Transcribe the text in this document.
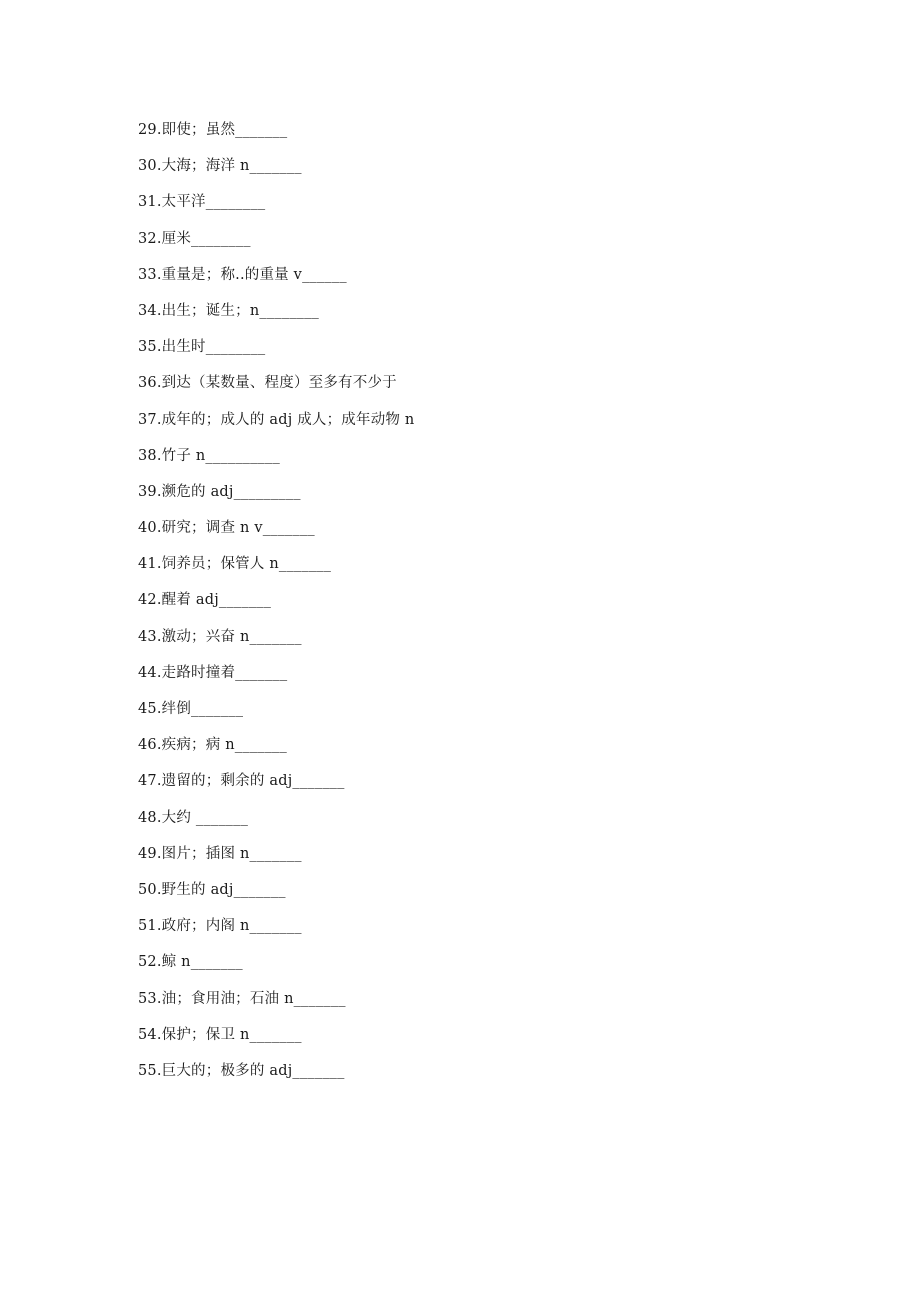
29.即使；虽然_______
30.大海；海洋 n_______
31.太平洋________
32.厘米________
33.重量是；称..的重量 v______
34.出生；诞生；n________
35.出生时________
36.到达（某数量、程度）至多有不少于
37.成年的；成人的 adj 成人；成年动物 n
38.竹子 n__________
39.濒危的 adj_________
40.研究；调查 n v_______
41.饲养员；保管人 n_______
42.醒着 adj_______
43.激动；兴奋 n_______
44.走路时撞着_______
45.绊倒_______
46.疾病；病 n_______
47.遗留的；剩余的 adj_______
48.大约 _______
49.图片；插图 n_______
50.野生的 adj_______
51.政府；内阁 n_______
52.鲸 n_______
53.油；食用油；石油 n_______
54.保护；保卫 n_______
55.巨大的；极多的 adj_______
